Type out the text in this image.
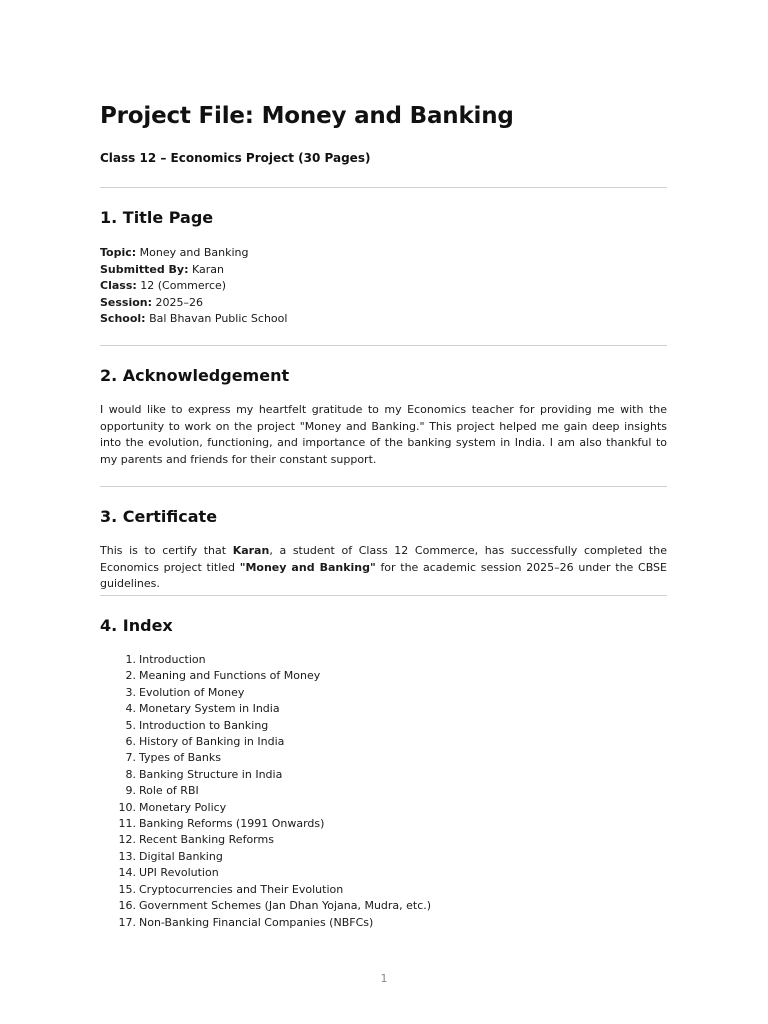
Project File: Money and Banking

Class 12 – Economics Project (30 Pages)

1. Title Page
Topic: Money and Banking
Submitted By: Karan
Class: 12 (Commerce)
Session: 2025–26
School: Bal Bhavan Public School
2. Acknowledgement

I would like to express my heartfelt gratitude to my Economics teacher for providing me with the opportunity to work on the project "Money and Banking." This project helped me gain deep insights into the evolution, functioning, and importance of the banking system in India. I am also thankful to my parents and friends for their constant support.

3. Certificate

This is to certify that Karan, a student of Class 12 Commerce, has successfully completed the Economics project titled "Money and Banking" for the academic session 2025–26 under the CBSE guidelines.

4. Index
1. Introduction
2. Meaning and Functions of Money
3. Evolution of Money
4. Monetary System in India
5. Introduction to Banking
6. History of Banking in India
7. Types of Banks
8. Banking Structure in India
9. Role of RBI
10. Monetary Policy
11. Banking Reforms (1991 Onwards)
12. Recent Banking Reforms
13. Digital Banking
14. UPI Revolution
15. Cryptocurrencies and Their Evolution
16. Government Schemes (Jan Dhan Yojana, Mudra, etc.)
17. Non-Banking Financial Companies (NBFCs)
1
